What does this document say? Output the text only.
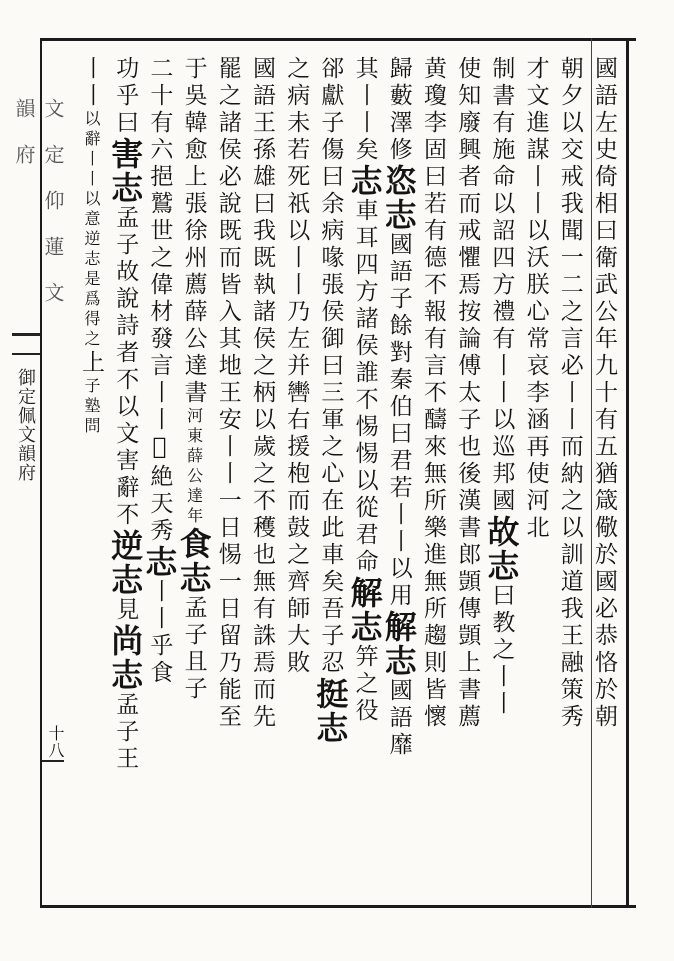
文 定 仰 蓮 文 韻 府
御定佩文韻府
十八
國語左史倚相曰衛武公年九十有五猶箴儆於國必恭恪於朝
朝夕以交戒我聞一二之言必丨丨而納之以訓道我王融策秀
才文進謀丨丨以沃朕心常哀李涵再使河北
制書有施命以詔四方禮有丨丨以巡邦國故志曰教之丨丨
使知廢興者而戒懼焉按論傅太子也後漢書郎顗傳顗上書薦
黄瓊李固曰若有德不報有言不醻來無所樂進無所趨則皆懷
歸藪澤修恣志國語子餘對秦伯曰君若丨丨以用解志國語靡
其丨丨矣志車耳四方諸侯誰不惕惕以從君命解志笄之役
郤獻子傷曰余病喙張侯御曰三軍之心在此車矣吾子忍挺志
之病未若死祇以丨丨乃左并轡右援枹而鼓之齊師大敗
國語王孫雄曰我既執諸侯之柄以歲之不穫也無有誅焉而先
罷之諸侯必說既而皆入其地王安丨丨一日惕一日留乃能至
于吳韓愈上張徐州薦薛公達書河東薛公達年食志孟子且子
二十有六挹鷲世之偉材發言丨丨𥭁絶天秀志丨丨乎食
功乎曰害志孟子故說詩者不以文害辭不逆志見尚志孟子王
丨丨以辭丨丨以意逆志是爲得之上子塾問
